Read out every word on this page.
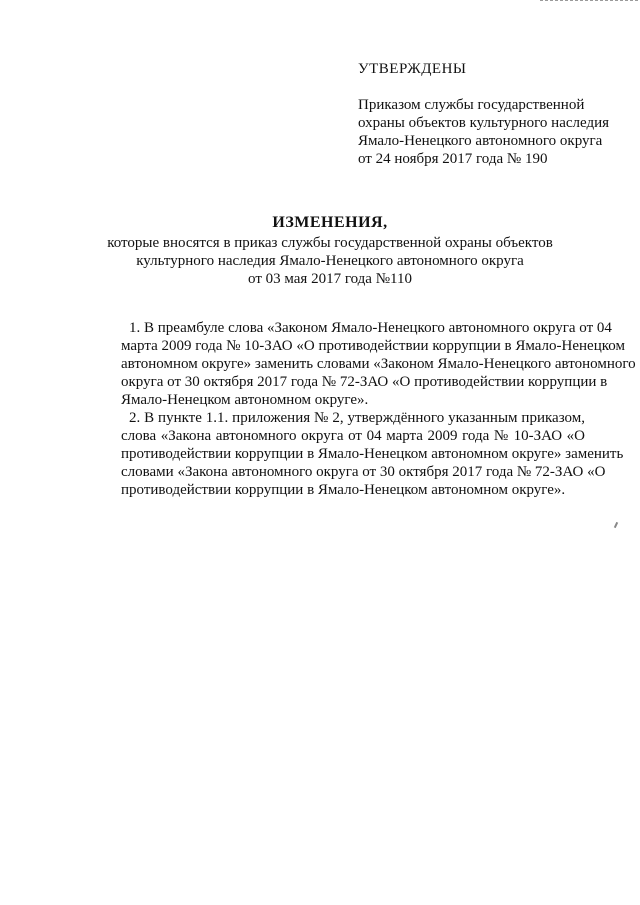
УТВЕРЖДЕНЫ
Приказом службы государственной
охраны объектов культурного наследия
Ямало-Ненецкого автономного округа
от 24 ноября 2017 года № 190
ИЗМЕНЕНИЯ,
которые вносятся в приказ службы государственной охраны объектов
культурного наследия Ямало-Ненецкого автономного округа
от 03 мая 2017 года №110
1. В преамбуле слова «Законом Ямало-Ненецкого автономного округа от 04
марта 2009 года № 10-ЗАО «О противодействии коррупции в Ямало-Ненецком
автономном округе» заменить словами «Законом Ямало-Ненецкого автономного
округа от 30 октября 2017 года № 72-ЗАО «О противодействии коррупции в
Ямало-Ненецком автономном округе».
2. В пункте 1.1. приложения № 2, утверждённого указанным приказом,
слова «Закона автономного округа от 04 марта 2009 года № 10-ЗАО «О
противодействии коррупции в Ямало-Ненецком автономном округе» заменить
словами «Закона автономного округа от 30 октября 2017 года № 72-ЗАО «О
противодействии коррупции в Ямало-Ненецком автономном округе».
